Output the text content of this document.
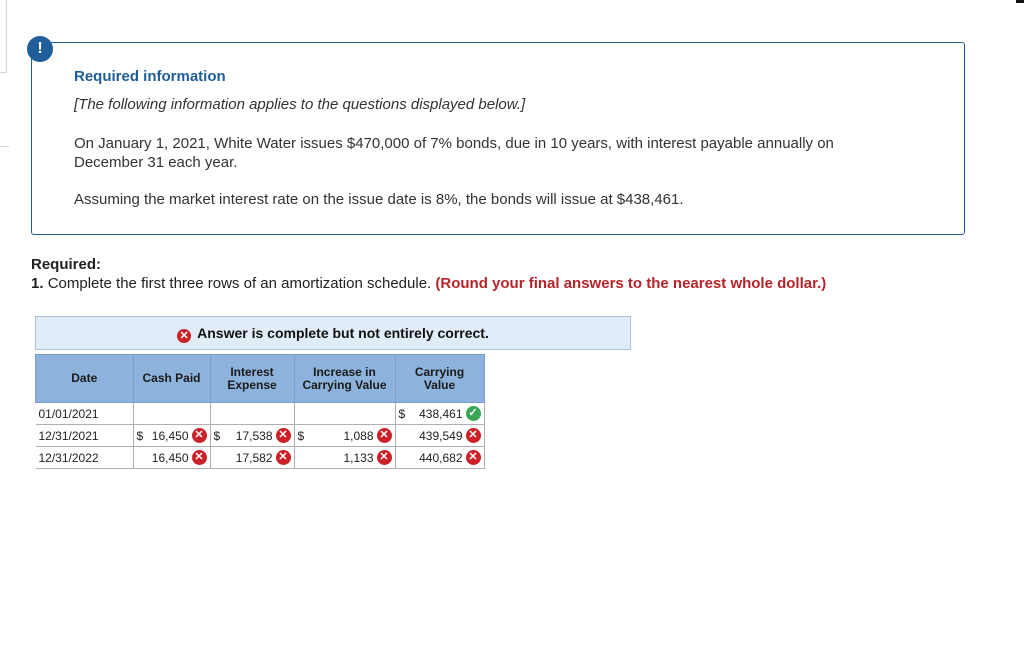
!
Required information
[The following information applies to the questions displayed below.]
On January 1, 2021, White Water issues $470,000 of 7% bonds, due in 10 years, with interest payable annually on December 31 each year.
Assuming the market interest rate on the issue date is 8%, the bonds will issue at $438,461.
Required:
1. Complete the first three rows of an amortization schedule. (Round your final answers to the nearest whole dollar.)
✕ Answer is complete but not entirely correct.
Date	Cash Paid	Interest Expense	Increase in Carrying Value	Carrying Value
01/01/2021				$ 438,461 ✓

12/31/2021	$ 16,450 ✕	$ 17,538 ✕	$ 1,088 ✕	439,549 ✕

12/31/2022	16,450 ✕	17,582 ✕	1,133 ✕	440,682 ✕
